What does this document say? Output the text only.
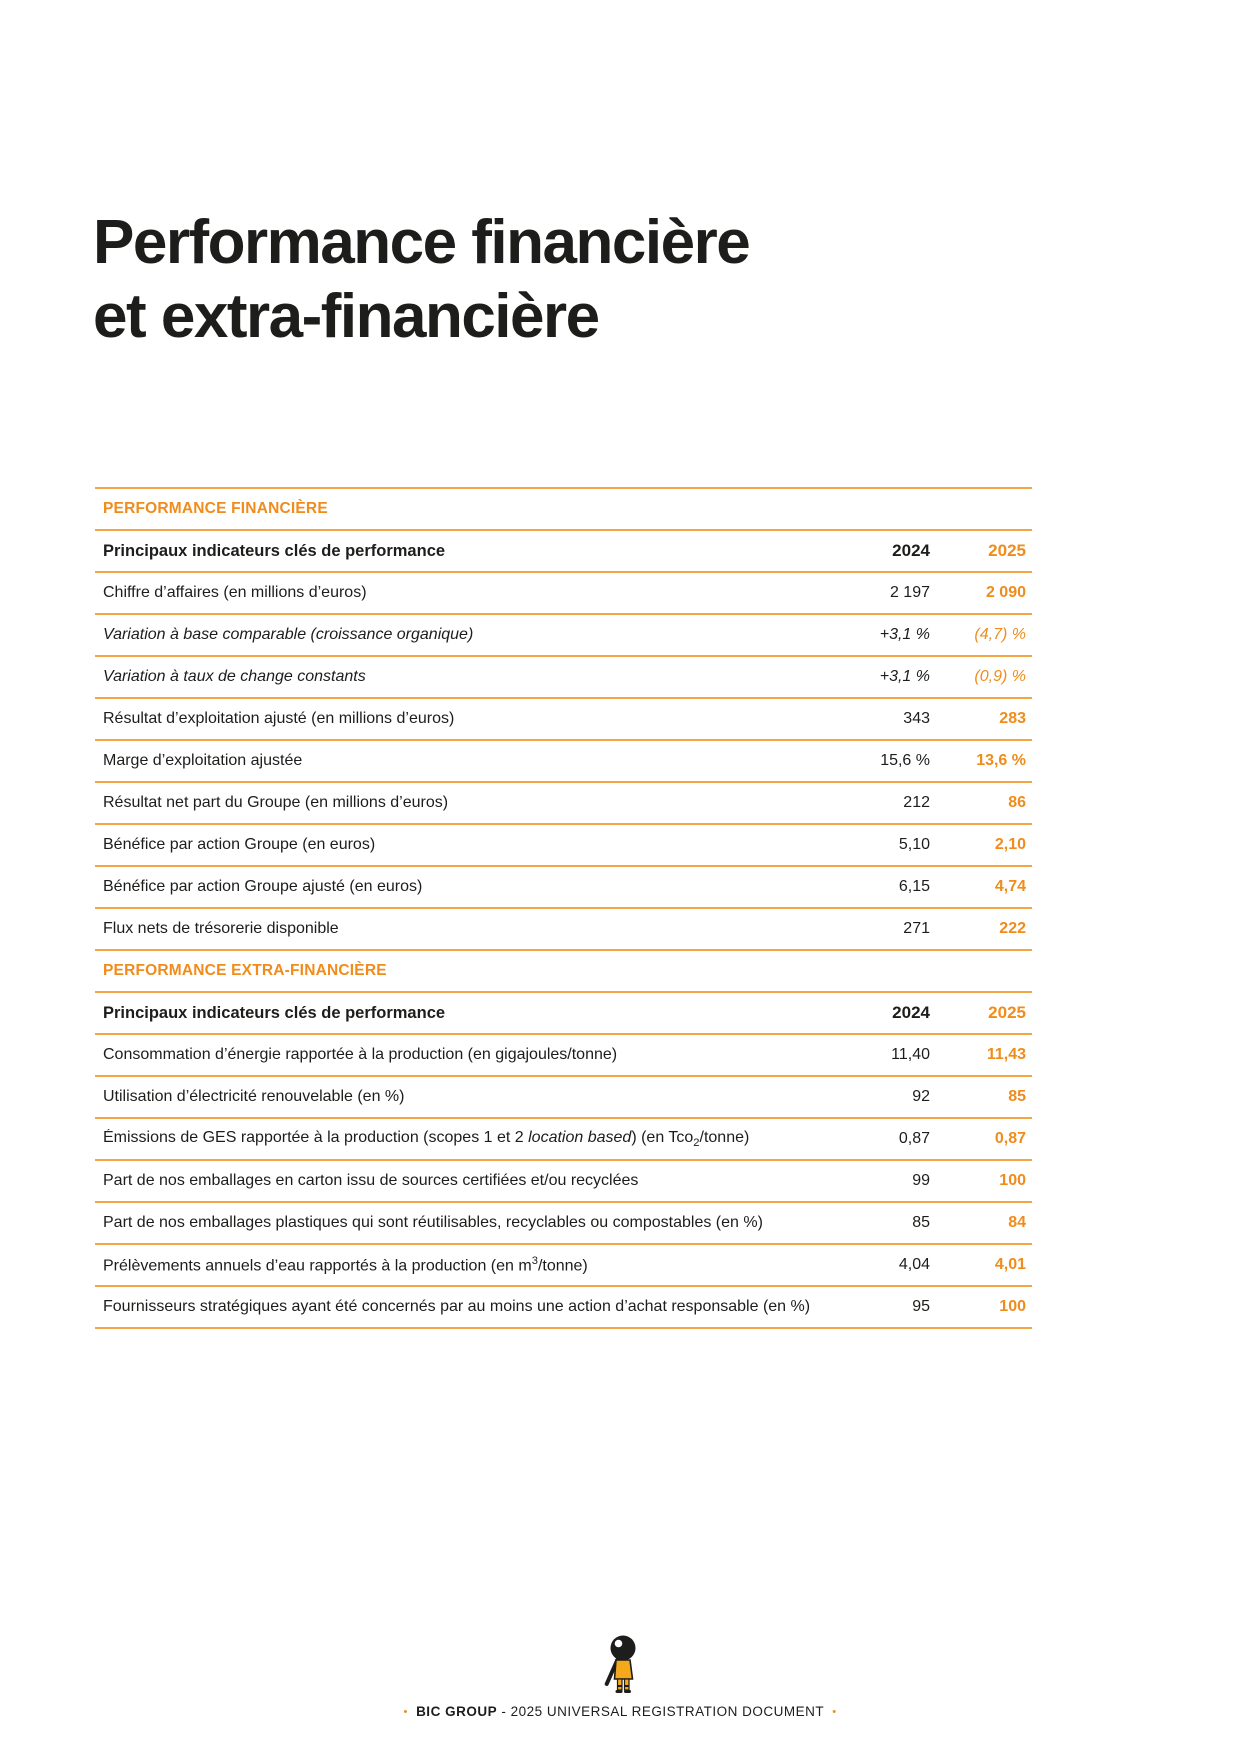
Performance financière
et extra-financière
PERFORMANCE FINANCIÈRE
Principaux indicateurs clés de performance	2024	2025
Chiffre d’affaires (en millions d’euros)	2 197	2 090
Variation à base comparable (croissance organique)	+3,1 %	(4,7) %
Variation à taux de change constants	+3,1 %	(0,9) %
Résultat d’exploitation ajusté (en millions d’euros)	343	283
Marge d’exploitation ajustée	15,6 %	13,6 %
Résultat net part du Groupe (en millions d’euros)	212	86
Bénéfice par action Groupe (en euros)	5,10	2,10
Bénéfice par action Groupe ajusté (en euros)	6,15	4,74
Flux nets de trésorerie disponible	271	222
PERFORMANCE EXTRA-FINANCIÈRE
Principaux indicateurs clés de performance	2024	2025
Consommation d’énergie rapportée à la production (en gigajoules/tonne)	11,40	11,43
Utilisation d’électricité renouvelable (en %)	92	85
Émissions de GES rapportée à la production (scopes 1 et 2 location based) (en Tco$_2$/tonne)	0,87	0,87
Part de nos emballages en carton issu de sources certifiées et/ou recyclées	99	100
Part de nos emballages plastiques qui sont réutilisables, recyclables ou compostables (en %)	85	84
Prélèvements annuels d’eau rapportés à la production (en $m^3/tonne$)	4,04	4,01
Fournisseurs stratégiques ayant été concernés par au moins une action d’achat responsable (en %)	95	100
• BIC GROUP - 2025 UNIVERSAL REGISTRATION DOCUMENT •
